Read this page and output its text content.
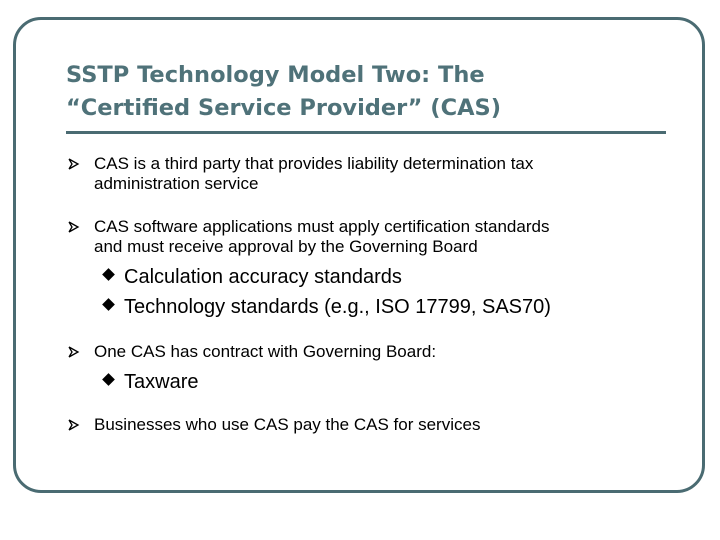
SSTP Technology Model Two: The
“Certified Service Provider” (CAS)
CAS is a third party that provides liability determination tax
administration service
CAS software applications must apply certification standards
and must receive approval by the Governing Board
Calculation accuracy standards
Technology standards (e.g., ISO 17799, SAS70)
One CAS has contract with Governing Board:
Taxware
Businesses who use CAS pay the CAS for services
